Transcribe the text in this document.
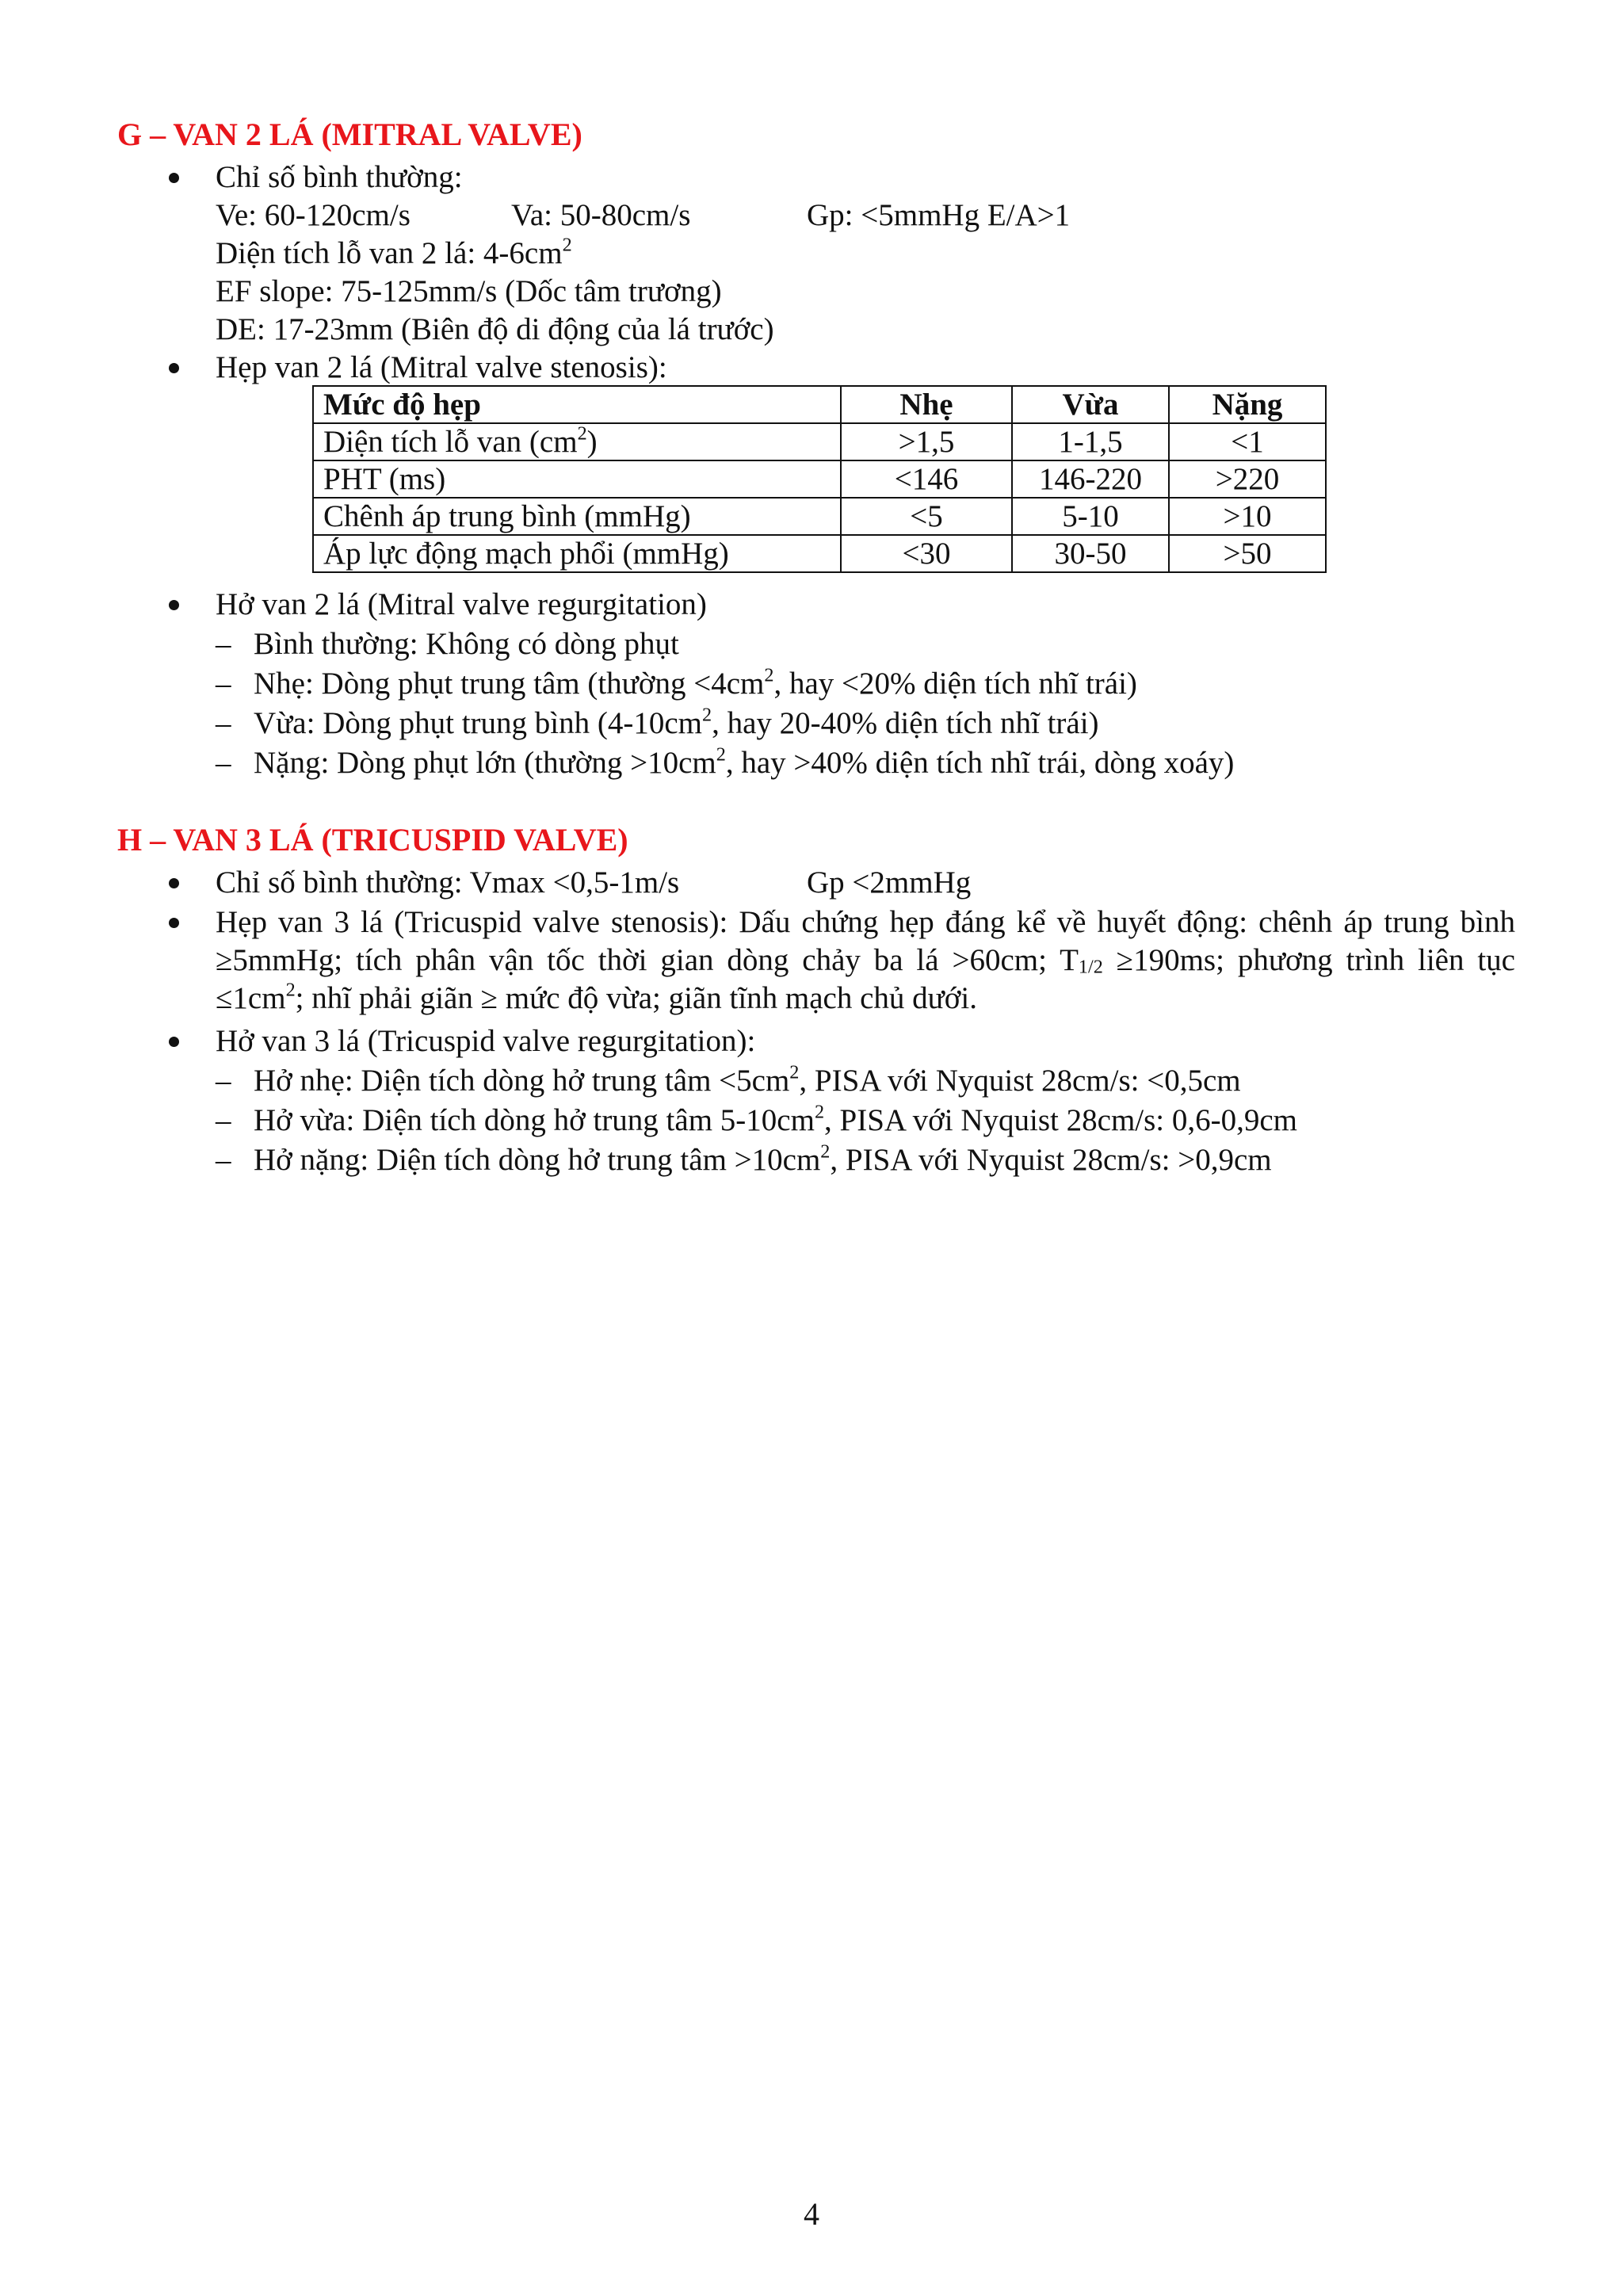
G – VAN 2 LÁ (MITRAL VALVE)
Chỉ số bình thường:
Ve: 60-120cm/s	Va: 50-80cm/s	Gp: <5mmHg E/A>1
Diện tích lỗ van 2 lá: $4-6cm^2$
EF slope: 75-125mm/s (Dốc tâm trương)
DE: 17-23mm (Biên độ di động của lá trước)
Hẹp van 2 lá (Mitral valve stenosis):
Mức độ hẹp	Nhẹ	Vừa	Nặng
Diện tích lỗ van $(cm^2)$	>1,5	1-1,5	<1
PHT (ms)	<146	146-220	>220
Chênh áp trung bình (mmHg)	<5	5-10	>10
Áp lực động mạch phổi (mmHg)	<30	30-50	>50
Hở van 2 lá (Mitral valve regurgitation)
– Bình thường: Không có dòng phụt
– Nhẹ: Dòng phụt trung tâm (thường $<4cm^2$, hay <20% diện tích nhĩ trái)
– Vừa: Dòng phụt trung bình ($4-10cm^2$, hay 20-40% diện tích nhĩ trái)
– Nặng: Dòng phụt lớn (thường $>10cm^2$, hay >40% diện tích nhĩ trái, dòng xoáy)
H – VAN 3 LÁ (TRICUSPID VALVE)
Chỉ số bình thường: Vmax <0,5-1m/s	Gp <2mmHg
Hẹp van 3 lá (Tricuspid valve stenosis): Dấu chứng hẹp đáng kể về huyết động: chênh áp trung bình ≥5mmHg; tích phân vận tốc thời gian dòng chảy ba lá >60cm; $T_{1/2} \ge 190ms$; phương trình liên tục $\le 1cm^2$; nhĩ phải giãn ≥ mức độ vừa; giãn tĩnh mạch chủ dưới.
Hở van 3 lá (Tricuspid valve regurgitation):
– Hở nhẹ: Diện tích dòng hở trung tâm $<5cm^2$, PISA với Nyquist 28cm/s: <0,5cm
– Hở vừa: Diện tích dòng hở trung tâm $5-10cm^2$, PISA với Nyquist 28cm/s: 0,6-0,9cm
– Hở nặng: Diện tích dòng hở trung tâm $>10cm^2$, PISA với Nyquist 28cm/s: >0,9cm
4
